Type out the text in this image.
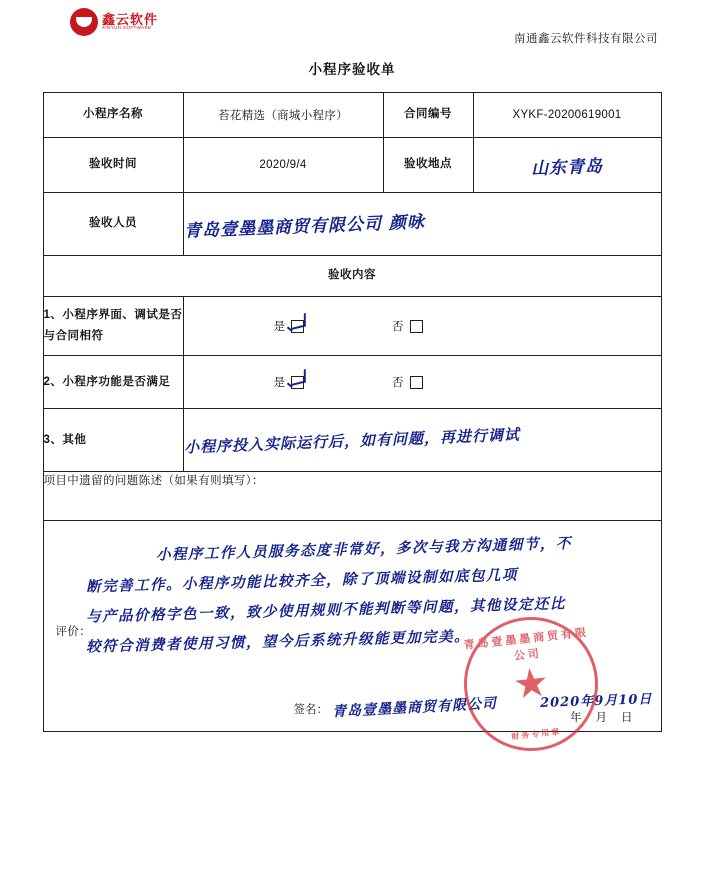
鑫云软件
XINYUN SOFTWARE
南通鑫云软件科技有限公司
小程序验收单
小程序名称	苔花精选（商城小程序）	合同编号	XYKF-20200619001
验收时间	2020/9/4	验收地点	山东青岛
验收人员	青岛壹墨墨商贸有限公司 颜咏		
验收内容			
1、小程序界面、调试是否与合同相符	是 否		

2、小程序功能是否满足	是 否		

3、其他	小程序投入实际运行后，如有问题，再进行调试		
项目中遗留的问题陈述（如果有则填写）：			

评价：
小程序工作人员服务态度非常好，多次与我方沟通细节，不
断完善工作。小程序功能比较齐全，除了顶端设制如底包几项
与产品价格字色一致，致少使用规则不能判断等问题，其他设定还比
较符合消费者使用习惯，望今后系统升级能更加完美。
签名： 青岛壹墨墨商贸有限公司	2020年9月10日
年月日
青岛壹墨墨商贸有限公司
★
财务专用章
